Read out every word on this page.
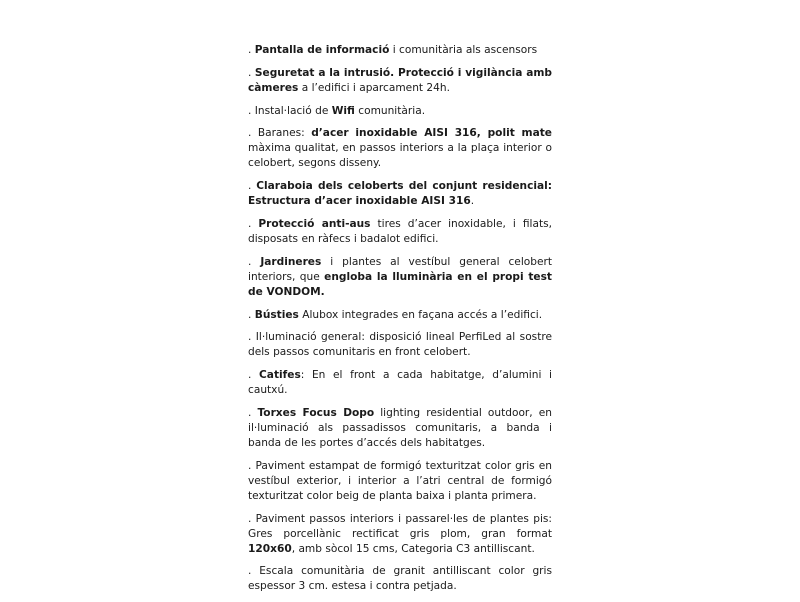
. Pantalla de informació i comunitària als ascensors

. Seguretat a la intrusió. Protecció i vigilància amb càmeres a l’edifici i aparcament 24h.

. Instal·lació de Wifi comunitària.

. Baranes: d’acer inoxidable AISI 316, polit mate màxima qualitat, en passos interiors a la plaça interior o celobert, segons disseny.

. Claraboia dels celoberts del conjunt residencial: Estructura d’acer inoxidable AISI 316.

. Protecció anti-aus tires d’acer inoxidable, i filats, disposats en ràfecs i badalot edifici.

. Jardineres i plantes al vestíbul general celobert interiors, que engloba la lluminària en el propi test de VONDOM.

. Bústies Alubox integrades en façana accés a l’edifici.

. Il·luminació general: disposició lineal PerfiLed al sostre dels passos comunitaris en front celobert.

. Catifes: En el front a cada habitatge, d’alumini i cautxú.

. Torxes Focus Dopo lighting residential outdoor, en il·luminació als passadissos comunitaris, a banda i banda de les portes d’accés dels habitatges.

. Paviment estampat de formigó texturitzat color gris en vestíbul exterior, i interior a l’atri central de formigó texturitzat color beig de planta baixa i planta primera.

. Paviment passos interiors i passarel·les de plantes pis: Gres porcellànic rectificat gris plom, gran format 120x60, amb sòcol 15 cms, Categoria C3 antilliscant.

. Escala comunitària de granit antilliscant color gris espessor 3 cm. estesa i contra petjada.
